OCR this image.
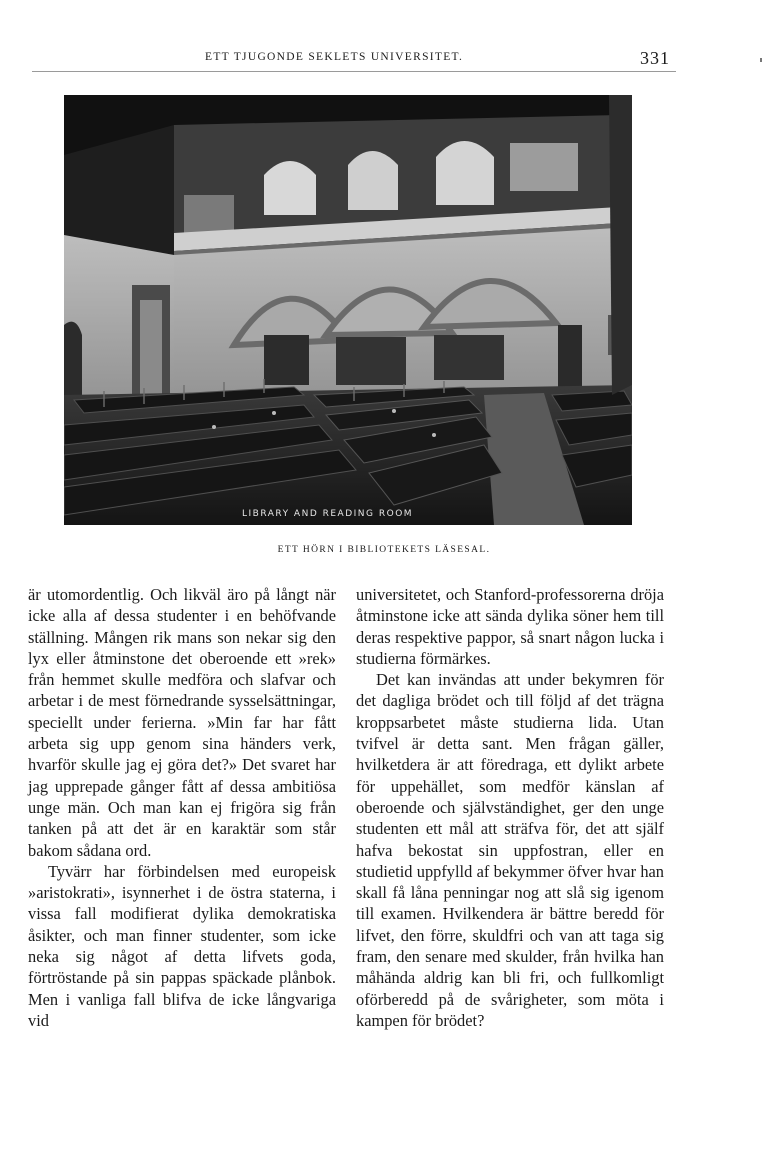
ETT TJUGONDE SEKLETS UNIVERSITET.	331
LIBRARY AND READING ROOM
ETT HÖRN I BIBLIOTEKETS LÄSESAL.

är utomordentlig. Och likväl äro på långt när icke alla af dessa studenter i en behöfvande ställning. Mången rik mans son nekar sig den lyx eller åtminstone det oberoende ett »rek» från hemmet skulle medföra och slafvar och arbetar i de mest förnedrande sysselsättningar, speciellt under ferierna. »Min far har fått arbeta sig upp genom sina händers verk, hvarför skulle jag ej göra det?» Det svaret har jag upprepade gånger fått af dessa ambitiösa unge män. Och man kan ej frigöra sig från tanken på att det är en karaktär som står bakom sådana ord.

Tyvärr har förbindelsen med europeisk »aristokrati», isynnerhet i de östra staterna, i vissa fall modifierat dylika demokratiska åsikter, och man finner studenter, som icke neka sig något af detta lifvets goda, förtröstande på sin pappas späckade plånbok. Men i vanliga fall blifva de icke långvariga vid

universitetet, och Stanford-professorerna dröja åtminstone icke att sända dylika söner hem till deras respektive pappor, så snart någon lucka i studierna förmärkes.

Det kan invändas att under bekymren för det dagliga brödet och till följd af det trägna kroppsarbetet måste studierna lida. Utan tvifvel är detta sant. Men frågan gäller, hvilketdera är att föredraga, ett dylikt arbete för uppehället, som medför känslan af oberoende och självständighet, ger den unge studenten ett mål att sträfva för, det att själf hafva bekostat sin uppfostran, eller en studietid uppfylld af bekymmer öfver hvar han skall få låna penningar nog att slå sig igenom till examen. Hvilkendera är bättre beredd för lifvet, den förre, skuldfri och van att taga sig fram, den senare med skulder, från hvilka han måhända aldrig kan bli fri, och fullkomligt oförberedd på de svårigheter, som möta i kampen för brödet?
